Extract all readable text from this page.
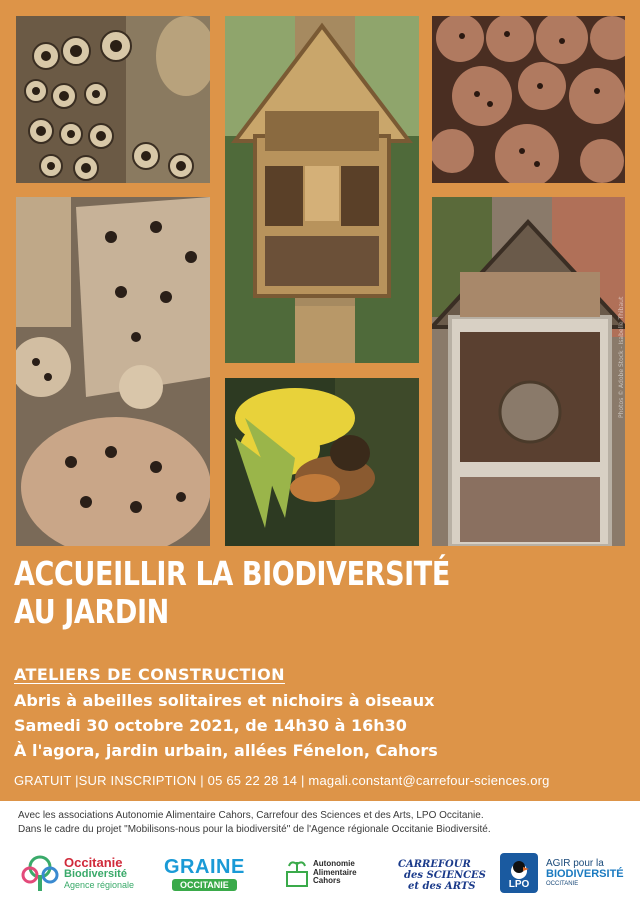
Photos © Adobe Stock - Isabelle Thibaut
ACCUEILLIR LA BIODIVERSITÉ
AU JARDIN
ATELIERS DE CONSTRUCTION
Abris à abeilles solitaires et nichoirs à oiseaux
Samedi 30 octobre 2021, de 14h30 à 16h30
À l'agora, jardin urbain, allées Fénelon, Cahors
GRATUIT |SUR INSCRIPTION | 05 65 22 28 14 | magali.constant@carrefour-sciences.org
Avec les associations Autonomie Alimentaire Cahors, Carrefour des Sciences et des Arts, LPO Occitanie.
Dans le cadre du projet "Mobilisons-nous pour la biodiversité" de l'Agence régionale Occitanie Biodiversité.
Occitanie
Biodiversité
Agence régionale
GRAINE
OCCITANIE
Autonomie
Alimentaire
Cahors
CARREFOUR
des SCIENCES
et des ARTS	LPO
AGIR pour la
BIODIVERSITÉ
OCCITANIE
